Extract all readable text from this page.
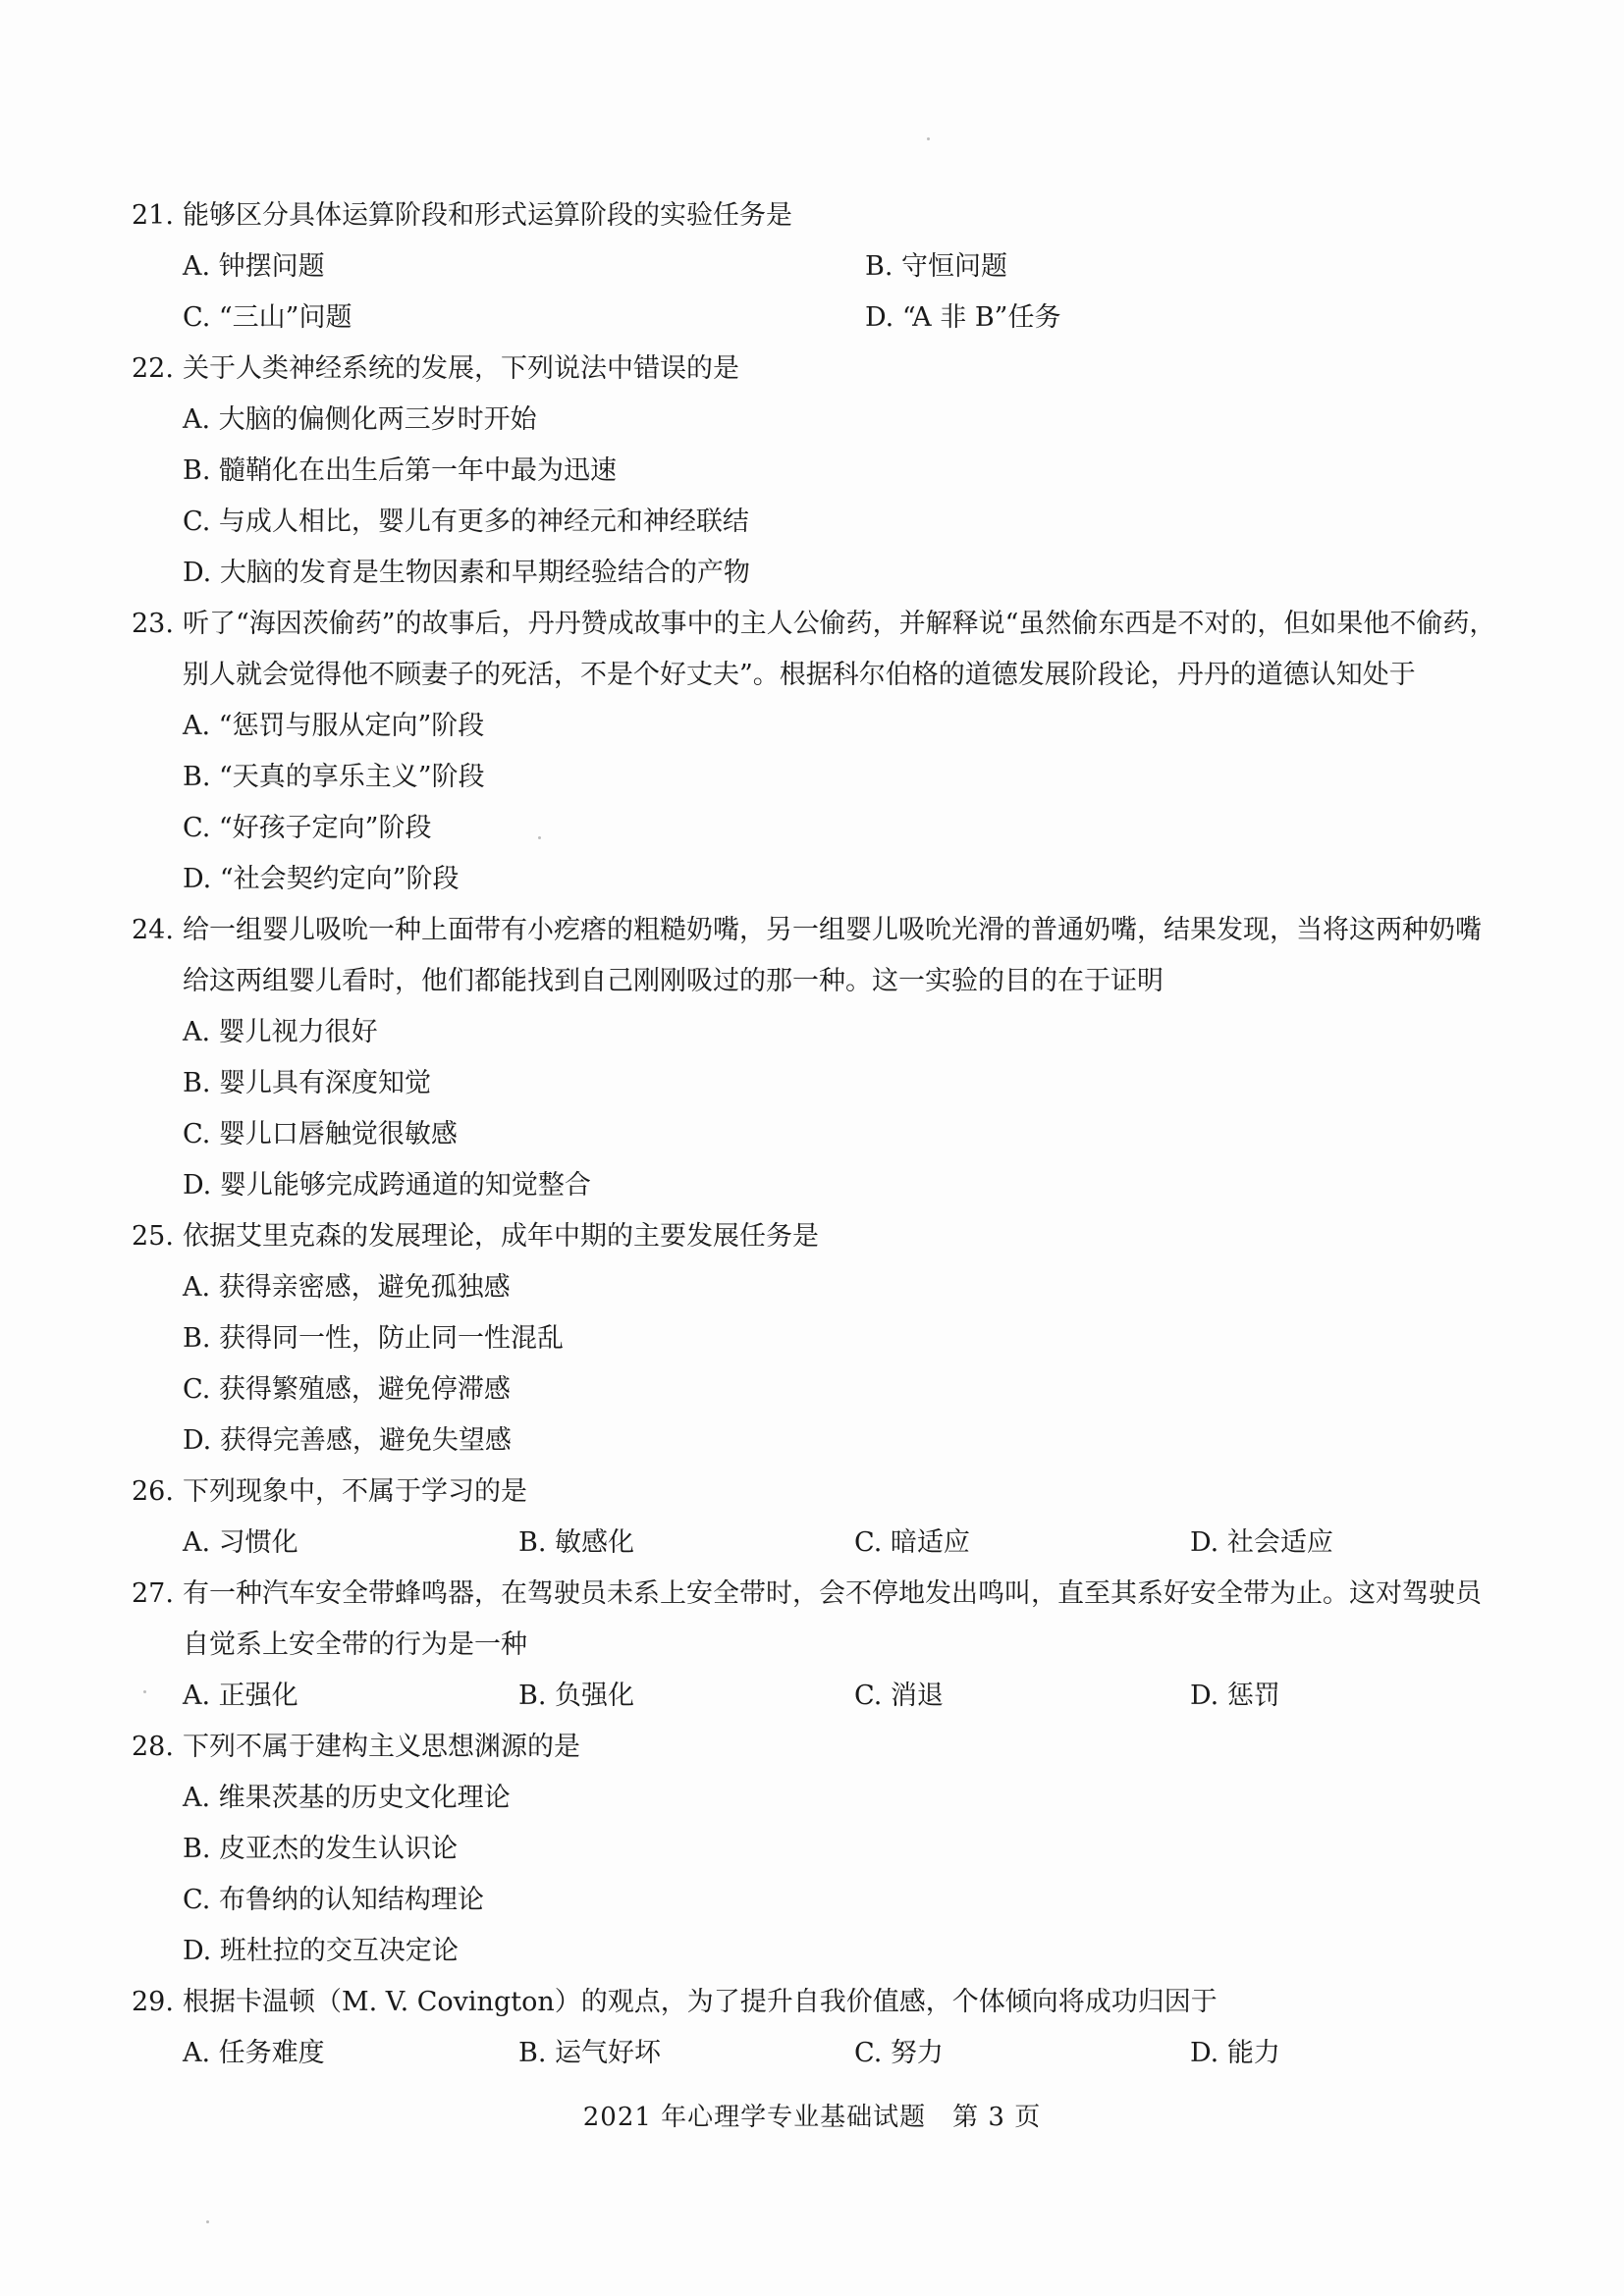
21. 能够区分具体运算阶段和形式运算阶段的实验任务是
A. 钟摆问题	B. 守恒问题
C. “三山”问题	D. “A 非 B”任务
22. 关于人类神经系统的发展，下列说法中错误的是
A. 大脑的偏侧化两三岁时开始
B. 髓鞘化在出生后第一年中最为迅速
C. 与成人相比，婴儿有更多的神经元和神经联结
D. 大脑的发育是生物因素和早期经验结合的产物
23. 听了“海因茨偷药”的故事后，丹丹赞成故事中的主人公偷药，并解释说“虽然偷东西是不对的，但如果他不偷药，别人就会觉得他不顾妻子的死活，不是个好丈夫”。根据科尔伯格的道德发展阶段论，丹丹的道德认知处于
A. “惩罚与服从定向”阶段
B. “天真的享乐主义”阶段
C. “好孩子定向”阶段
D. “社会契约定向”阶段
24. 给一组婴儿吸吮一种上面带有小疙瘩的粗糙奶嘴，另一组婴儿吸吮光滑的普通奶嘴，结果发现，当将这两种奶嘴给这两组婴儿看时，他们都能找到自己刚刚吸过的那一种。这一实验的目的在于证明
A. 婴儿视力很好
B. 婴儿具有深度知觉
C. 婴儿口唇触觉很敏感
D. 婴儿能够完成跨通道的知觉整合
25. 依据艾里克森的发展理论，成年中期的主要发展任务是
A. 获得亲密感，避免孤独感
B. 获得同一性，防止同一性混乱
C. 获得繁殖感，避免停滞感
D. 获得完善感，避免失望感
26. 下列现象中，不属于学习的是
A. 习惯化	B. 敏感化	C. 暗适应	D. 社会适应
27. 有一种汽车安全带蜂鸣器，在驾驶员未系上安全带时，会不停地发出鸣叫，直至其系好安全带为止。这对驾驶员自觉系上安全带的行为是一种
A. 正强化	B. 负强化	C. 消退	D. 惩罚
28. 下列不属于建构主义思想渊源的是
A. 维果茨基的历史文化理论
B. 皮亚杰的发生认识论
C. 布鲁纳的认知结构理论
D. 班杜拉的交互决定论
29. 根据卡温顿（M. V. Covington）的观点，为了提升自我价值感，个体倾向将成功归因于
A. 任务难度	B. 运气好坏	C. 努力	D. 能力
2021 年心理学专业基础试题　第 3 页
